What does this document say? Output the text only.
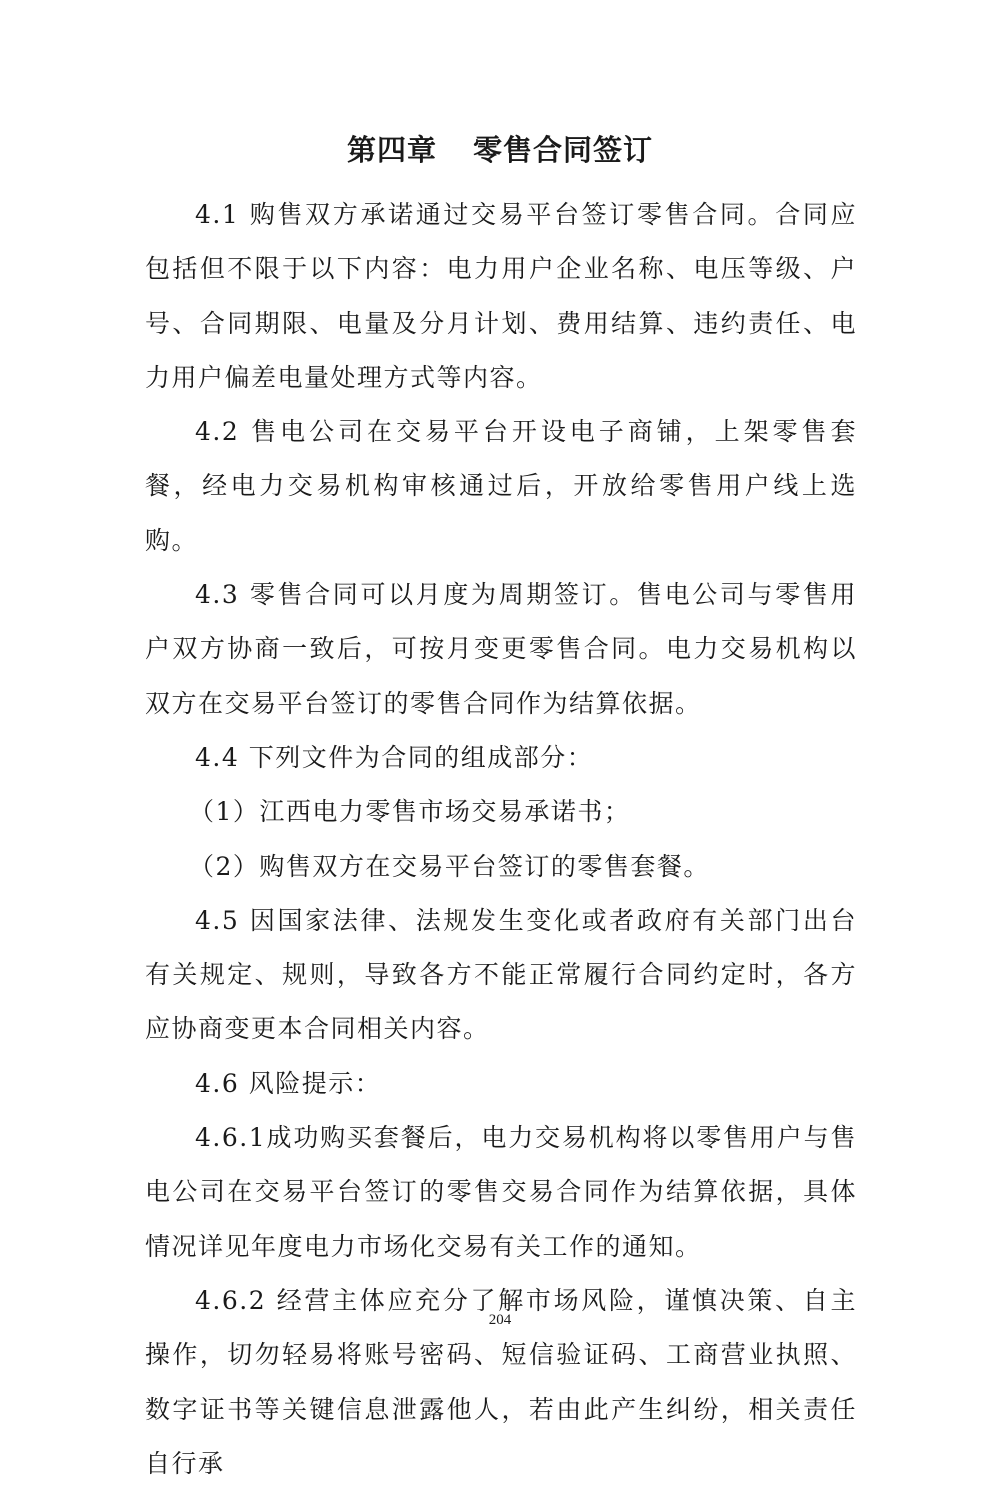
第四章 零售合同签订

4.1 购售双方承诺通过交易平台签订零售合同。合同应包括但不限于以下内容：电力用户企业名称、电压等级、户号、合同期限、电量及分月计划、费用结算、违约责任、电力用户偏差电量处理方式等内容。

4.2 售电公司在交易平台开设电子商铺，上架零售套餐，经电力交易机构审核通过后，开放给零售用户线上选购。

4.3 零售合同可以月度为周期签订。售电公司与零售用户双方协商一致后，可按月变更零售合同。电力交易机构以双方在交易平台签订的零售合同作为结算依据。

4.4 下列文件为合同的组成部分：

（1）江西电力零售市场交易承诺书；

（2）购售双方在交易平台签订的零售套餐。

4.5 因国家法律、法规发生变化或者政府有关部门出台有关规定、规则，导致各方不能正常履行合同约定时，各方应协商变更本合同相关内容。

4.6 风险提示：

4.6.1成功购买套餐后，电力交易机构将以零售用户与售电公司在交易平台签订的零售交易合同作为结算依据，具体情况详见年度电力市场化交易有关工作的通知。

4.6.2 经营主体应充分了解市场风险，谨慎决策、自主操作，切勿轻易将账号密码、短信验证码、工商营业执照、数字证书等关键信息泄露他人，若由此产生纠纷，相关责任自行承

204
